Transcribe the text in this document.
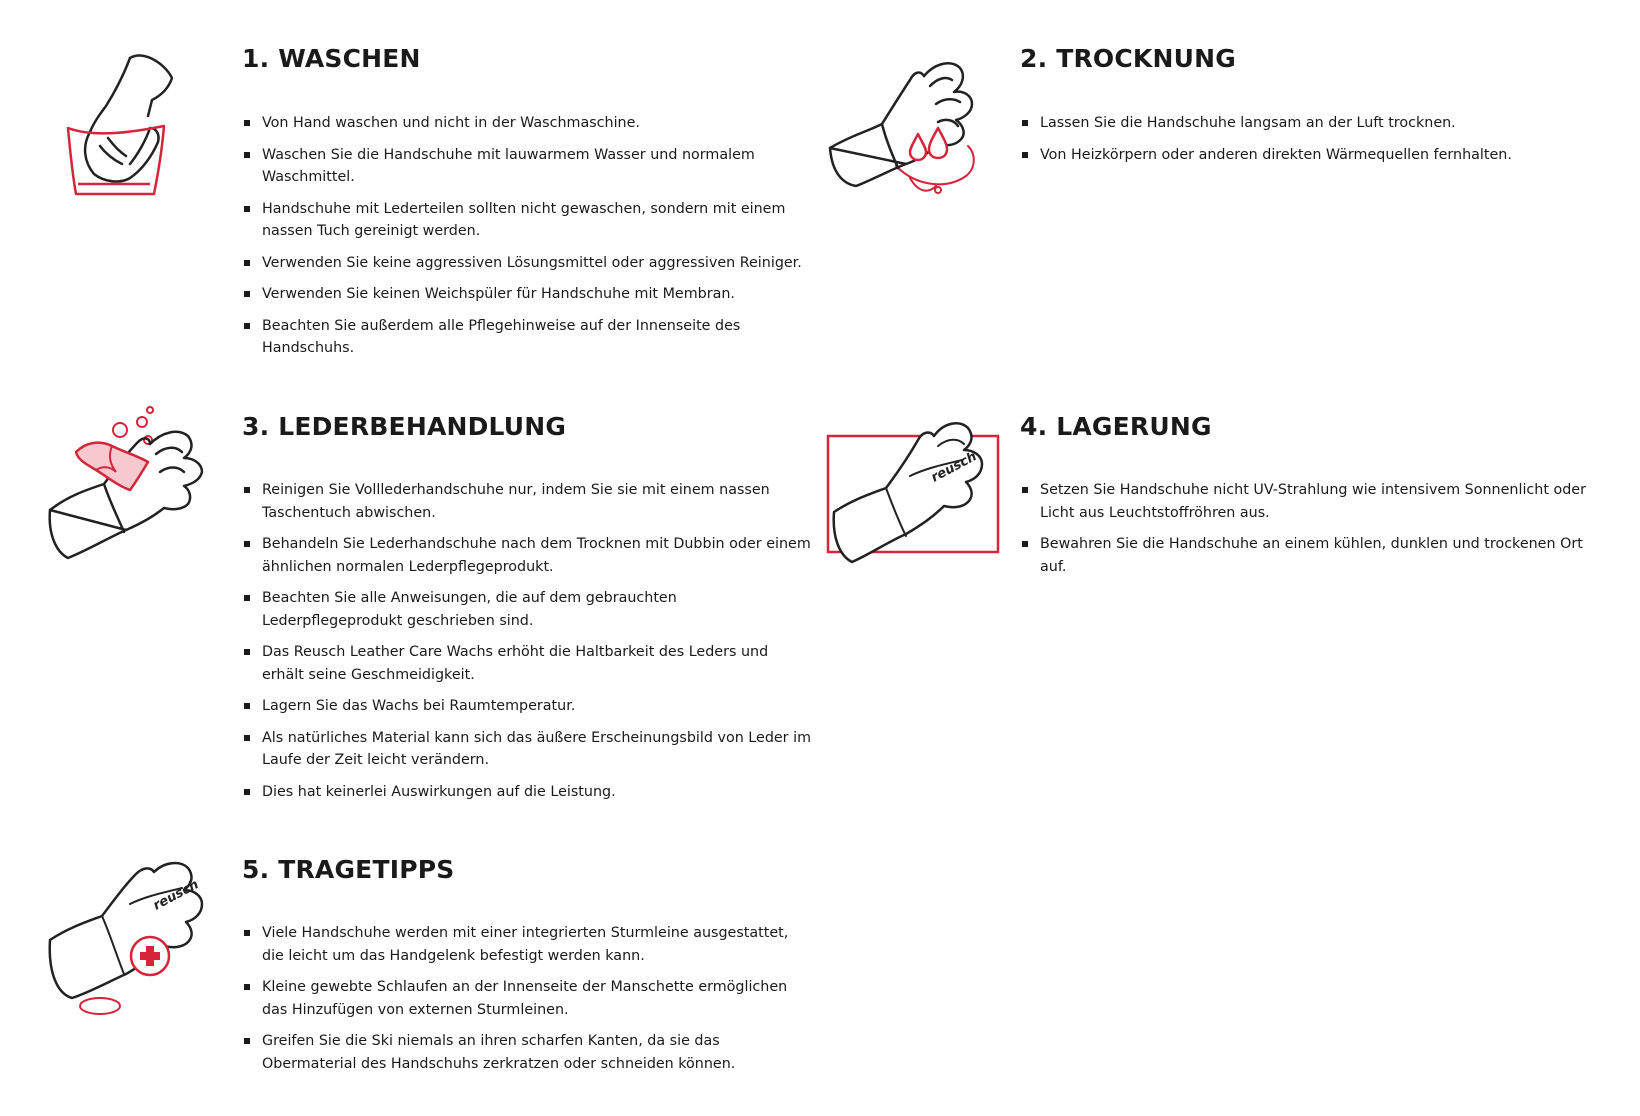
1. WASCHEN
Von Hand waschen und nicht in der Waschmaschine.
Waschen Sie die Handschuhe mit lauwarmem Wasser und normalem Waschmittel.
Handschuhe mit Lederteilen sollten nicht gewaschen, sondern mit einem nassen Tuch gereinigt werden.
Verwenden Sie keine aggressiven Lösungsmittel oder aggressiven Reiniger.
Verwenden Sie keinen Weichspüler für Handschuhe mit Membran.
Beachten Sie außerdem alle Pflegehinweise auf der Innenseite des Handschuhs.
2. TROCKNUNG
Lassen Sie die Handschuhe langsam an der Luft trocknen.
Von Heizkörpern oder anderen direkten Wärmequellen fernhalten.
3. LEDERBEHANDLUNG
Reinigen Sie Volllederhandschuhe nur, indem Sie sie mit einem nassen Taschentuch abwischen.
Behandeln Sie Lederhandschuhe nach dem Trocknen mit Dubbin oder einem ähnlichen normalen Lederpflegeprodukt.
Beachten Sie alle Anweisungen, die auf dem gebrauchten Lederpflegeprodukt geschrieben sind.
Das Reusch Leather Care Wachs erhöht die Haltbarkeit des Leders und erhält seine Geschmeidigkeit.
Lagern Sie das Wachs bei Raumtemperatur.
Als natürliches Material kann sich das äußere Erscheinungsbild von Leder im Laufe der Zeit leicht verändern.
Dies hat keinerlei Auswirkungen auf die Leistung.
reusch
4. LAGERUNG
Setzen Sie Handschuhe nicht UV-Strahlung wie intensivem Sonnenlicht oder Licht aus Leuchtstoffröhren aus.
Bewahren Sie die Handschuhe an einem kühlen, dunklen und trockenen Ort auf.
reusch
5. TRAGETIPPS
Viele Handschuhe werden mit einer integrierten Sturmleine ausgestattet, die leicht um das Handgelenk befestigt werden kann.
Kleine gewebte Schlaufen an der Innenseite der Manschette ermöglichen das Hinzufügen von externen Sturmleinen.
Greifen Sie die Ski niemals an ihren scharfen Kanten, da sie das Obermaterial des Handschuhs zerkratzen oder schneiden können.
